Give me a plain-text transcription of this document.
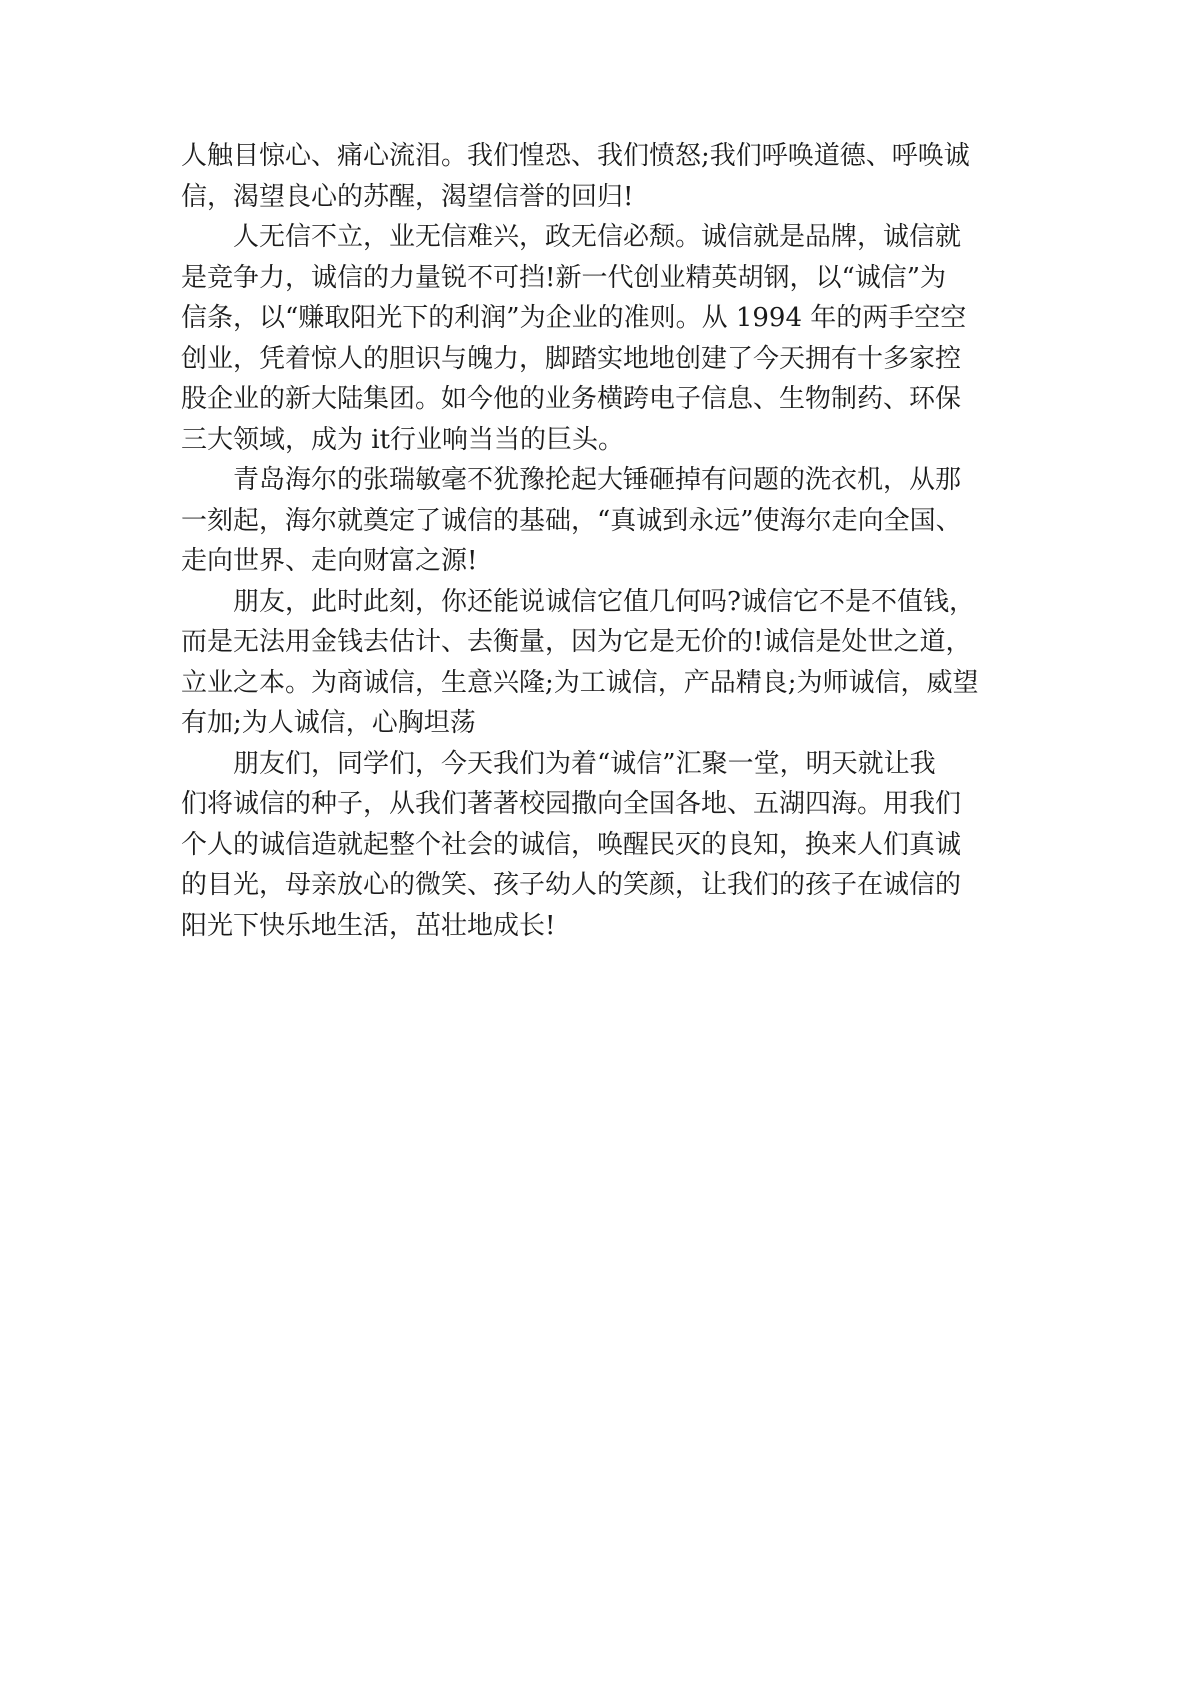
人触目惊心、痛心流泪。我们惶恐、我们愤怒;我们呼唤道德、呼唤诚
信，渴望良心的苏醒，渴望信誉的回归!
人无信不立，业无信难兴，政无信必颓。诚信就是品牌，诚信就
是竞争力，诚信的力量锐不可挡!新一代创业精英胡钢，以“诚信”为
信条，以“赚取阳光下的利润”为企业的准则。从 1994 年的两手空空
创业，凭着惊人的胆识与魄力，脚踏实地地创建了今天拥有十多家控
股企业的新大陆集团。如今他的业务横跨电子信息、生物制药、环保
三大领域，成为 it行业响当当的巨头。
青岛海尔的张瑞敏毫不犹豫抡起大锤砸掉有问题的洗衣机，从那
一刻起，海尔就奠定了诚信的基础，“真诚到永远”使海尔走向全国、
走向世界、走向财富之源!
朋友，此时此刻，你还能说诚信它值几何吗?诚信它不是不值钱，
而是无法用金钱去估计、去衡量，因为它是无价的!诚信是处世之道，
立业之本。为商诚信，生意兴隆;为工诚信，产品精良;为师诚信，威望
有加;为人诚信，心胸坦荡
朋友们，同学们，今天我们为着“诚信”汇聚一堂，明天就让我
们将诚信的种子，从我们著著校园撒向全国各地、五湖四海。用我们
个人的诚信造就起整个社会的诚信，唤醒民灭的良知，换来人们真诚
的目光，母亲放心的微笑、孩子幼人的笑颜，让我们的孩子在诚信的
阳光下快乐地生活，茁壮地成长!
